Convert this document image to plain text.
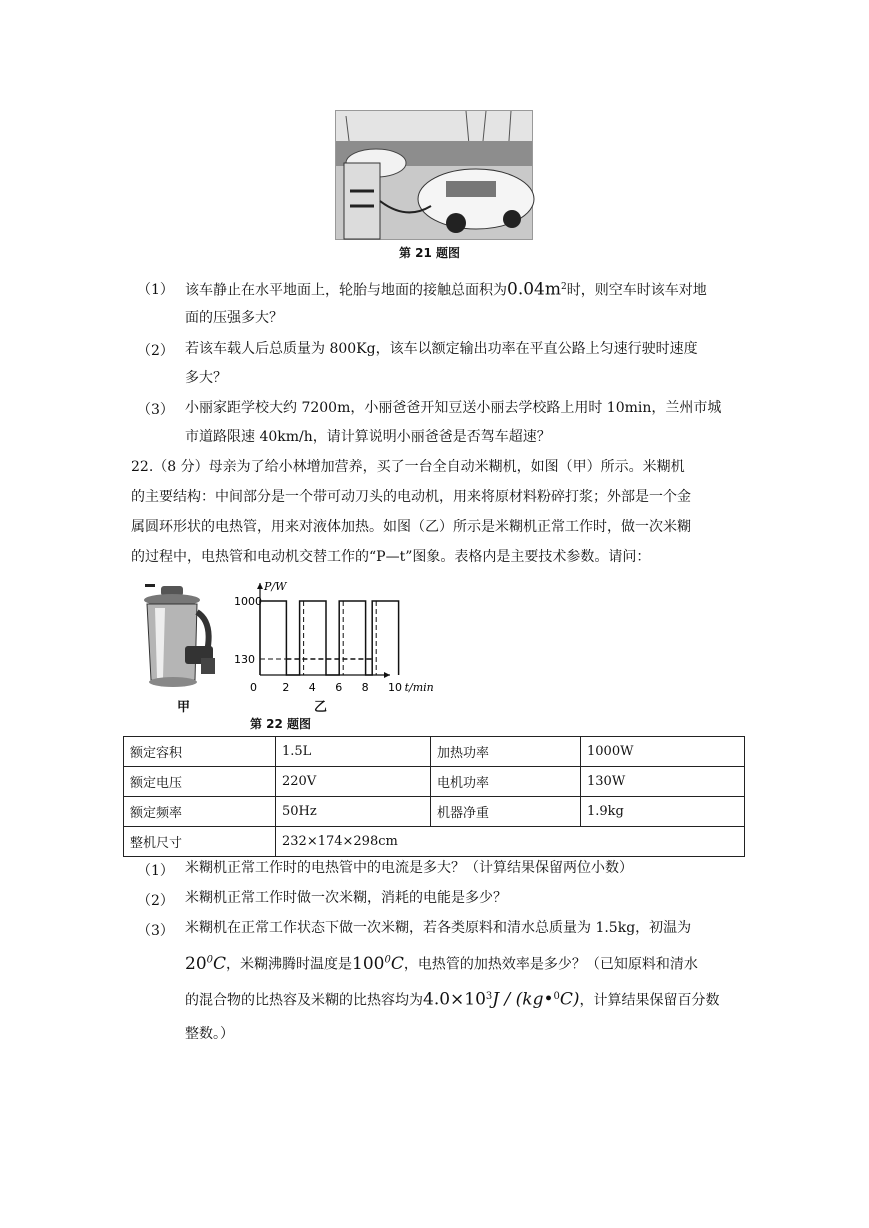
第 21 题图
（1） 该车静止在水平地面上，轮胎与地面的接触总面积为$0.04m^2$时，则空车时该车对地
面的压强多大？
（2） 若该车载人后总质量为 800Kg，该车以额定输出功率在平直公路上匀速行驶时速度
多大？
（3） 小丽家距学校大约 7200m，小丽爸爸开知豆送小丽去学校路上用时 10min，兰州市城
市道路限速 40km/h，请计算说明小丽爸爸是否驾车超速？
22.（8 分）母亲为了给小林增加营养，买了一台全自动米糊机，如图（甲）所示。米糊机
的主要结构：中间部分是一个带可动刀头的电动机，用来将原材料粉碎打浆；外部是一个金
属圆环形状的电热管，用来对液体加热。如图（乙）所示是米糊机正常工作时，做一次米糊
的过程中，电热管和电动机交替工作的“P—t”图象。表格内是主要技术参数。请问：
甲
P/W
t/min
0 2 4 6 8 10
130
1000
乙
第 22 题图
额定容积	1.5L	加热功率	1000W
额定电压	220V	电机功率	130W
额定频率	50Hz	机器净重	1.9kg
整机尺寸	232×174×298cm		
（1） 米糊机正常工作时的电热管中的电流是多大？（计算结果保留两位小数）
（2） 米糊机正常工作时做一次米糊，消耗的电能是多少？
（3） 米糊机在正常工作状态下做一次米糊，若各类原料和清水总质量为 1.5kg，初温为
$20^0C$，米糊沸腾时温度是$100^0C$，电热管的加热效率是多少？（已知原料和清水
的混合物的比热容及米糊的比热容均为$4.0\times 10^3J$ / (kg•$^0$C)，计算结果保留百分数
整数。）
